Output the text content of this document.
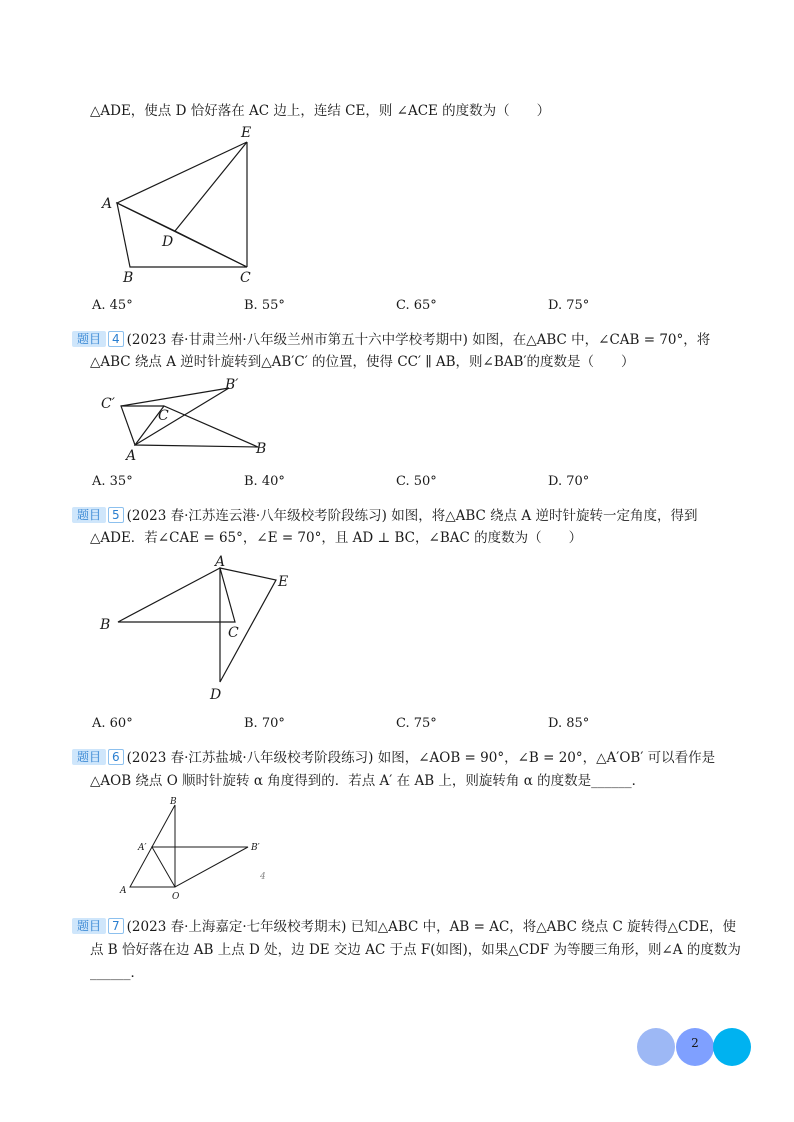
△ADE，使点 D 恰好落在 AC 边上，连结 CE，则 ∠ACE 的度数为（　　）
A
B	C
D
E
A. 45°	B. 55°	C. 65°	D. 75°
题目 4 (2023 春·甘肃兰州·八年级兰州市第五十六中学校考期中) 如图，在△ABC 中，∠CAB = 70°，将
△ABC 绕点 A 逆时针旋转到△AB′C′ 的位置，使得 CC′ ∥ AB，则∠BAB′的度数是（　　）
A	B
C
B′
C′
A. 35°	B. 40°	C. 50°	D. 70°
题目 5 (2023 春·江苏连云港·八年级校考阶段练习) 如图，将△ABC 绕点 A 逆时针旋转一定角度，得到
△ADE．若∠CAE = 65°，∠E = 70°，且 AD ⊥ BC，∠BAC 的度数为（　　）
A
B	C
D
E
A. 60°	B. 70°	C. 75°	D. 85°
题目 6 (2023 春·江苏盐城·八年级校考阶段练习) 如图，∠AOB = 90°，∠B = 20°，△A′OB′ 可以看作是
△AOB 绕点 O 顺时针旋转 α 角度得到的．若点 A′ 在 AB 上，则旋转角 α 的度数是______．
A
B
O
A′	B′
4
题目 7 (2023 春·上海嘉定·七年级校考期末) 已知△ABC 中，AB = AC，将△ABC 绕点 C 旋转得△CDE，使
点 B 恰好落在边 AB 上点 D 处，边 DE 交边 AC 于点 F(如图)，如果△CDF 为等腰三角形，则∠A 的度数为
______．
2
